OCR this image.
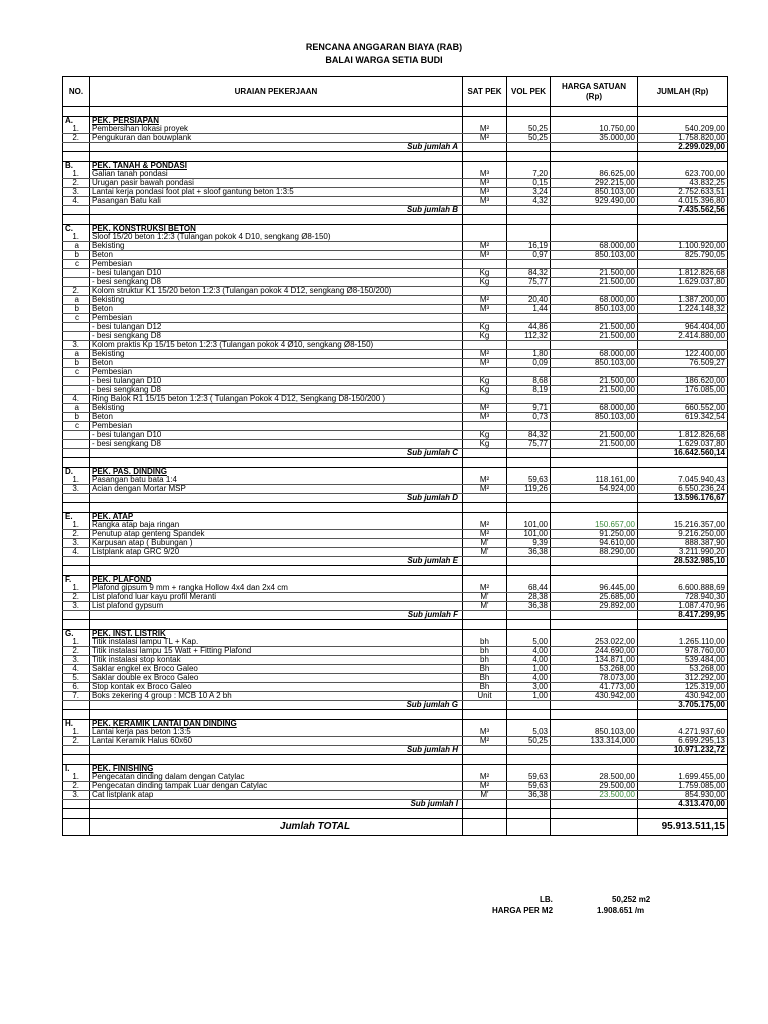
RENCANA ANGGARAN BIAYA (RAB)
BALAI WARGA SETIA BUDI
NO.	URAIAN PEKERJAAN	SAT PEK	VOL PEK	HARGA SATUAN
(Rp)	JUMLAH (Rp)

A.	PEK. PERSIAPAN				
1.	Pembersihan lokasi proyek	M²	50,25	10.750,00	540.209,00
2.	Pengukuran dan bouwplank	M²	50,25	35.000,00	1.758.820,00
	Sub jumlah A				2.299.029,00

B.	PEK. TANAH & PONDASI				
1.	Galian tanah pondasi	M³	7,20	86.625,00	623.700,00
2.	Urugan pasir bawah pondasi	M³	0,15	292.215,00	43.832,25
3.	Lantai kerja pondasi foot plat + sloof gantung beton 1:3:5	M³	3,24	850.103,00	2.752.633,51
4.	Pasangan Batu kali	M³	4,32	929.490,00	4.015.396,80
	Sub jumlah B				7.435.562,56

C.	PEK. KONSTRUKSI BETON				
1.	Sloof 15/20 beton 1:2:3 (Tulangan pokok 4 D10, sengkang Ø8-150)				
a	Bekisting	M²	16,19	68.000,00	1.100.920,00
b	Beton	M³	0,97	850.103,00	825.790,05
c	Pembesian				
	- besi tulangan D10	Kg	84,32	21.500,00	1.812.826,68
	- besi sengkang D8	Kg	75,77	21.500,00	1.629.037,80
2.	Kolom struktur K1 15/20 beton 1:2:3 (Tulangan pokok 4 D12, sengkang Ø8-150/200)				
a	Bekisting	M²	20,40	68.000,00	1.387.200,00
b	Beton	M³	1,44	850.103,00	1.224.148,32
c	Pembesian				
	- besi tulangan D12	Kg	44,86	21.500,00	964.404,00
	- besi sengkang D8	Kg	112,32	21.500,00	2.414.880,00
3.	Kolom praktis Kp 15/15 beton 1:2:3 (Tulangan pokok 4 Ø10, sengkang Ø8-150)				
a	Bekisting	M²	1,80	68.000,00	122.400,00
b	Beton	M³	0,09	850.103,00	76.509,27
c	Pembesian				
	- besi tulangan D10	Kg	8,68	21.500,00	186.620,00
	- besi sengkang D8	Kg	8,19	21.500,00	176.085,00
4.	Ring Balok R1 15/15 beton 1:2:3 ( Tulangan Pokok 4 D12, Sengkang D8-150/200 )				
a	Bekisting	M²	9,71	68.000,00	660.552,00
b	Beton	M³	0,73	850.103,00	619.342,54
c	Pembesian				
	- besi tulangan D10	Kg	84,32	21.500,00	1.812.826,68
	- besi sengkang D8	Kg	75,77	21.500,00	1.629.037,80
	Sub jumlah C				16.642.560,14

D.	PEK. PAS. DINDING				
1.	Pasangan batu bata 1:4	M²	59,63	118.161,00	7.045.940,43
3.	Acian dengan Mortar MSP	M²	119,26	54.924,00	6.550.236,24
	Sub jumlah D				13.596.176,67

E.	PEK. ATAP				
1.	Rangka atap baja ringan	M²	101,00	150.657,00	15.216.357,00
2.	Penutup atap genteng Spandek	M²	101,00	91.250,00	9.216.250,00
3.	Karpusan atap ( Bubungan )	M'	9,39	94.610,00	888.387,90
4.	Listplank atap GRC 9/20	M'	36,38	88.290,00	3.211.990,20
	Sub jumlah E				28.532.985,10

F.	PEK. PLAFOND				
1.	Plafond gipsum 9 mm + rangka Hollow 4x4 dan 2x4 cm	M²	68,44	96.445,00	6.600.888,69
2.	List plafond luar kayu profil Meranti	M'	28,38	25.685,00	728.940,30
3.	List plafond gypsum	M'	36,38	29.892,00	1.087.470,96
	Sub jumlah F				8.417.299,95

G.	PEK. INST. LISTRIK				
1.	Titik instalasi lampu TL + Kap.	bh	5,00	253.022,00	1.265.110,00
2.	Titik instalasi lampu 15 Watt + Fitting Plafond	bh	4,00	244.690,00	978.760,00
3.	Titik instalasi stop kontak	bh	4,00	134.871,00	539.484,00
4.	Saklar engkel ex Broco Galeo	Bh	1,00	53.268,00	53.268,00
5.	Saklar double ex Broco Galeo	Bh	4,00	78.073,00	312.292,00
6.	Stop kontak ex Broco Galeo	Bh	3,00	41.773,00	125.319,00
7.	Boks zekering 4 group : MCB 10 A 2 bh	Unit	1,00	430.942,00	430.942,00
	Sub jumlah G				3.705.175,00

H.	PEK. KERAMIK LANTAI DAN DINDING				
1.	Lantai kerja pas beton 1:3:5	M³	5,03	850.103,00	4.271.937,60
2.	Lantai Keramik Halus 60x60	M²	50,25	133.314,000	6.699.295,13
	Sub jumlah H				10.971.232,72

I.	PEK. FINISHING				
1.	Pengecatan dinding dalam dengan Catylac	M²	59,63	28.500,00	1.699.455,00
2.	Pengecatan dinding tampak Luar dengan Catylac	M²	59,63	29.500,00	1.759.085,00
3.	Cat listplank atap	M'	36,38	23.500,00	854.930,00
	Sub jumlah I				4.313.470,00

	Jumlah TOTAL				95.913.511,15
LB.	50,252 m2
HARGA PER M2	1.908.651 /m
